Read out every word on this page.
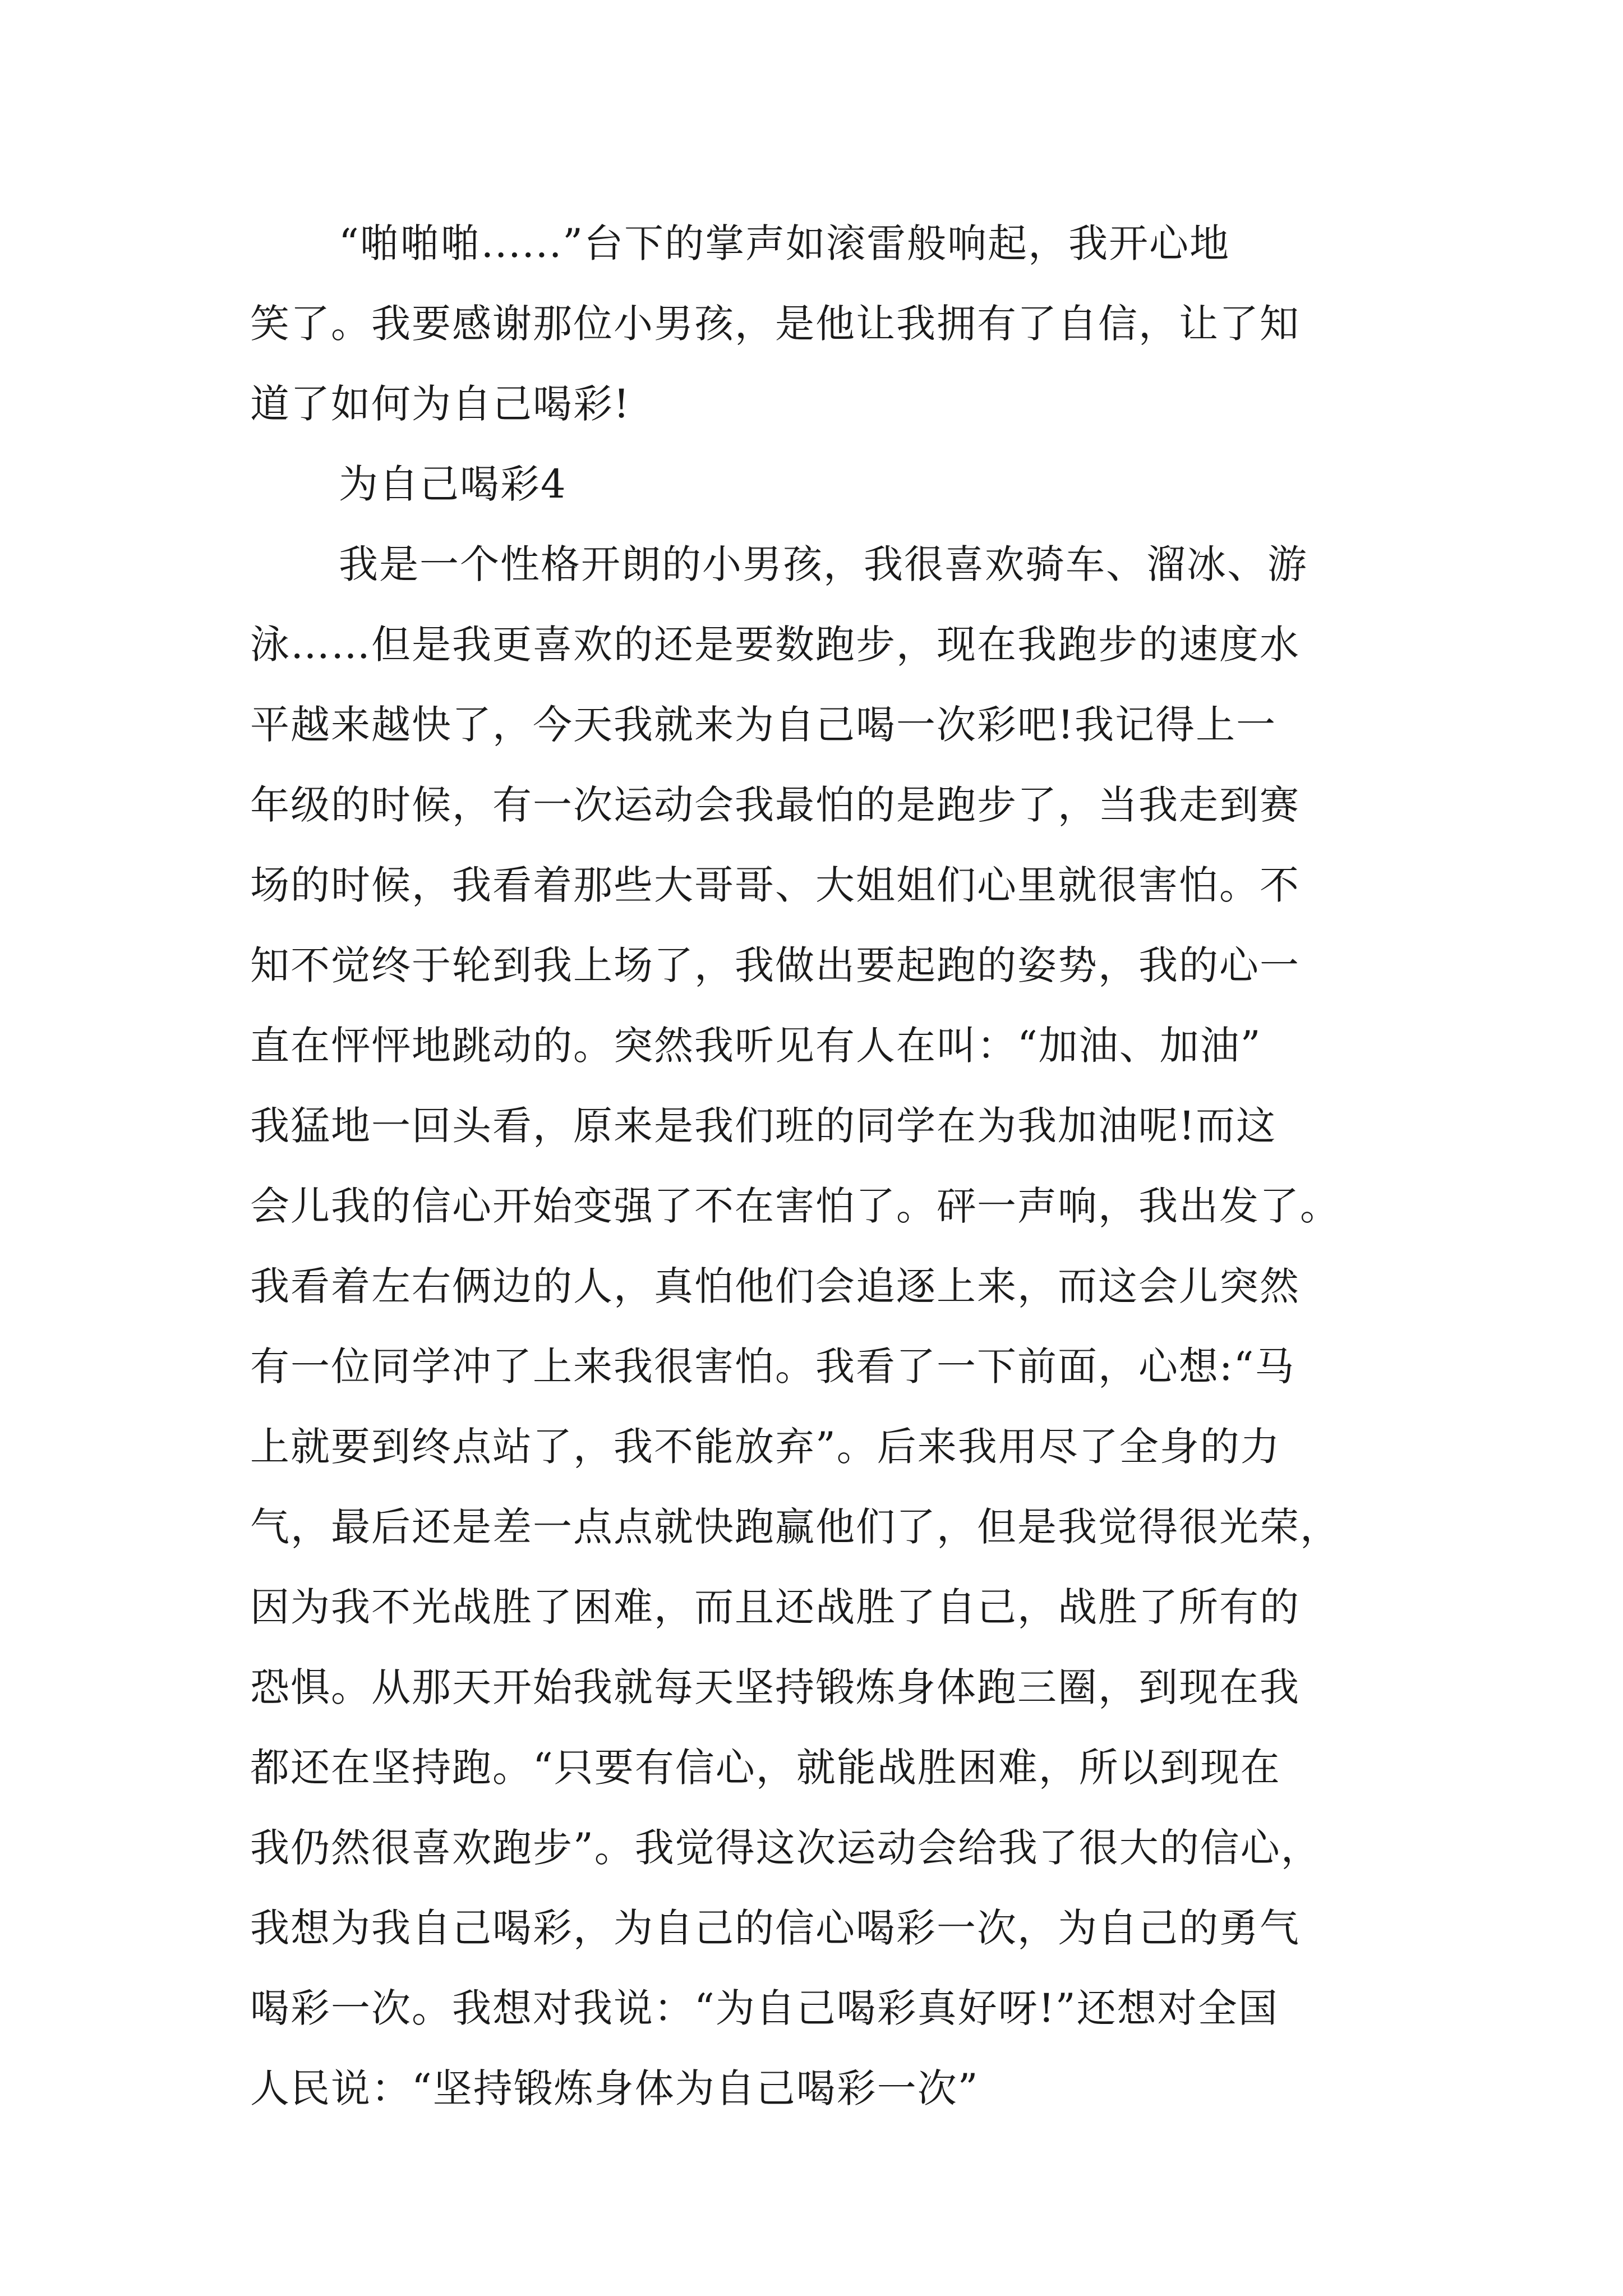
“啪啪啪......”台下的掌声如滚雷般响起，我开心地
笑了。我要感谢那位小男孩，是他让我拥有了自信，让了知
道了如何为自己喝彩!
为自己喝彩4
我是一个性格开朗的小男孩，我很喜欢骑车、溜冰、游
泳……但是我更喜欢的还是要数跑步，现在我跑步的速度水
平越来越快了，今天我就来为自己喝一次彩吧!我记得上一
年级的时候，有一次运动会我最怕的是跑步了，当我走到赛
场的时候，我看着那些大哥哥、大姐姐们心里就很害怕。不
知不觉终于轮到我上场了，我做出要起跑的姿势，我的心一
直在怦怦地跳动的。突然我听见有人在叫：“加油、加油”
我猛地一回头看，原来是我们班的同学在为我加油呢!而这
会儿我的信心开始变强了不在害怕了。砰一声响，我出发了。
我看着左右俩边的人，真怕他们会追逐上来，而这会儿突然
有一位同学冲了上来我很害怕。我看了一下前面，心想:“马
上就要到终点站了，我不能放弃”。后来我用尽了全身的力
气，最后还是差一点点就快跑赢他们了，但是我觉得很光荣，
因为我不光战胜了困难，而且还战胜了自己，战胜了所有的
恐惧。从那天开始我就每天坚持锻炼身体跑三圈，到现在我
都还在坚持跑。“只要有信心，就能战胜困难，所以到现在
我仍然很喜欢跑步”。我觉得这次运动会给我了很大的信心，
我想为我自己喝彩，为自己的信心喝彩一次，为自己的勇气
喝彩一次。我想对我说：“为自己喝彩真好呀!”还想对全国
人民说：“坚持锻炼身体为自己喝彩一次”
